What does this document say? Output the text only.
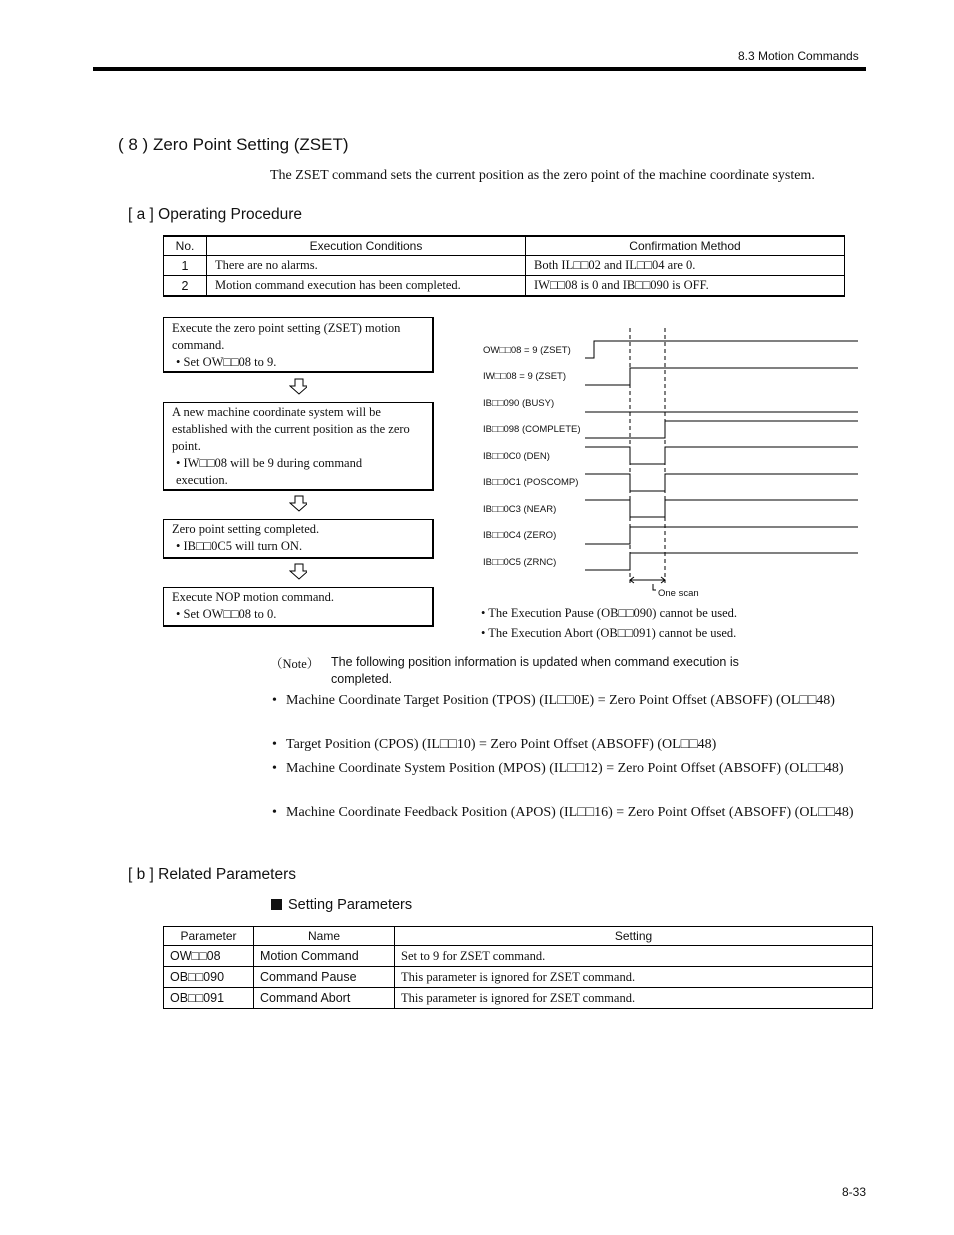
8.3 Motion Commands
( 8 ) Zero Point Setting (ZSET)
The ZSET command sets the current position as the zero point of the machine coordinate system.
[ a ] Operating Procedure
No.	Execution Conditions	Confirmation Method
1	There are no alarms.	Both IL□□02 and IL□□04 are 0.
2	Motion command execution has been completed.	IW□□08 is 0 and IB□□090 is OFF.
Execute the zero point setting (ZSET) motion command.
• Set OW□□08 to 9.
A new machine coordinate system will be established with the current position as the zero point.
• IW□□08 will be 9 during command execution.
Zero point setting completed.
• IB□□0C5 will turn ON.
Execute NOP motion command.
• Set OW□□08 to 0.
OW□□08 = 9 (ZSET)
IW□□08 = 9 (ZSET)
IB□□090 (BUSY)
IB□□098 (COMPLETE)
IB□□0C0 (DEN)
IB□□0C1 (POSCOMP)
IB□□0C3 (NEAR)
IB□□0C4 (ZERO)
IB□□0C5 (ZRNC)
One scan
• The Execution Pause (OB□□090) cannot be used.
• The Execution Abort (OB□□091) cannot be used.
（Note） The following position information is updated when command execution is completed.
• Machine Coordinate Target Position (TPOS) (IL□□0E) = Zero Point Offset (ABSOFF) (OL□□48)
• Target Position (CPOS) (IL□□10) = Zero Point Offset (ABSOFF) (OL□□48)
• Machine Coordinate System Position (MPOS) (IL□□12) = Zero Point Offset (ABSOFF) (OL□□48)
• Machine Coordinate Feedback Position (APOS) (IL□□16) = Zero Point Offset (ABSOFF) (OL□□48)
[ b ] Related Parameters
Setting Parameters
Parameter	Name	Setting
OW□□08	Motion Command	Set to 9 for ZSET command.
OB□□090	Command Pause	This parameter is ignored for ZSET command.
OB□□091	Command Abort	This parameter is ignored for ZSET command.
8-33
